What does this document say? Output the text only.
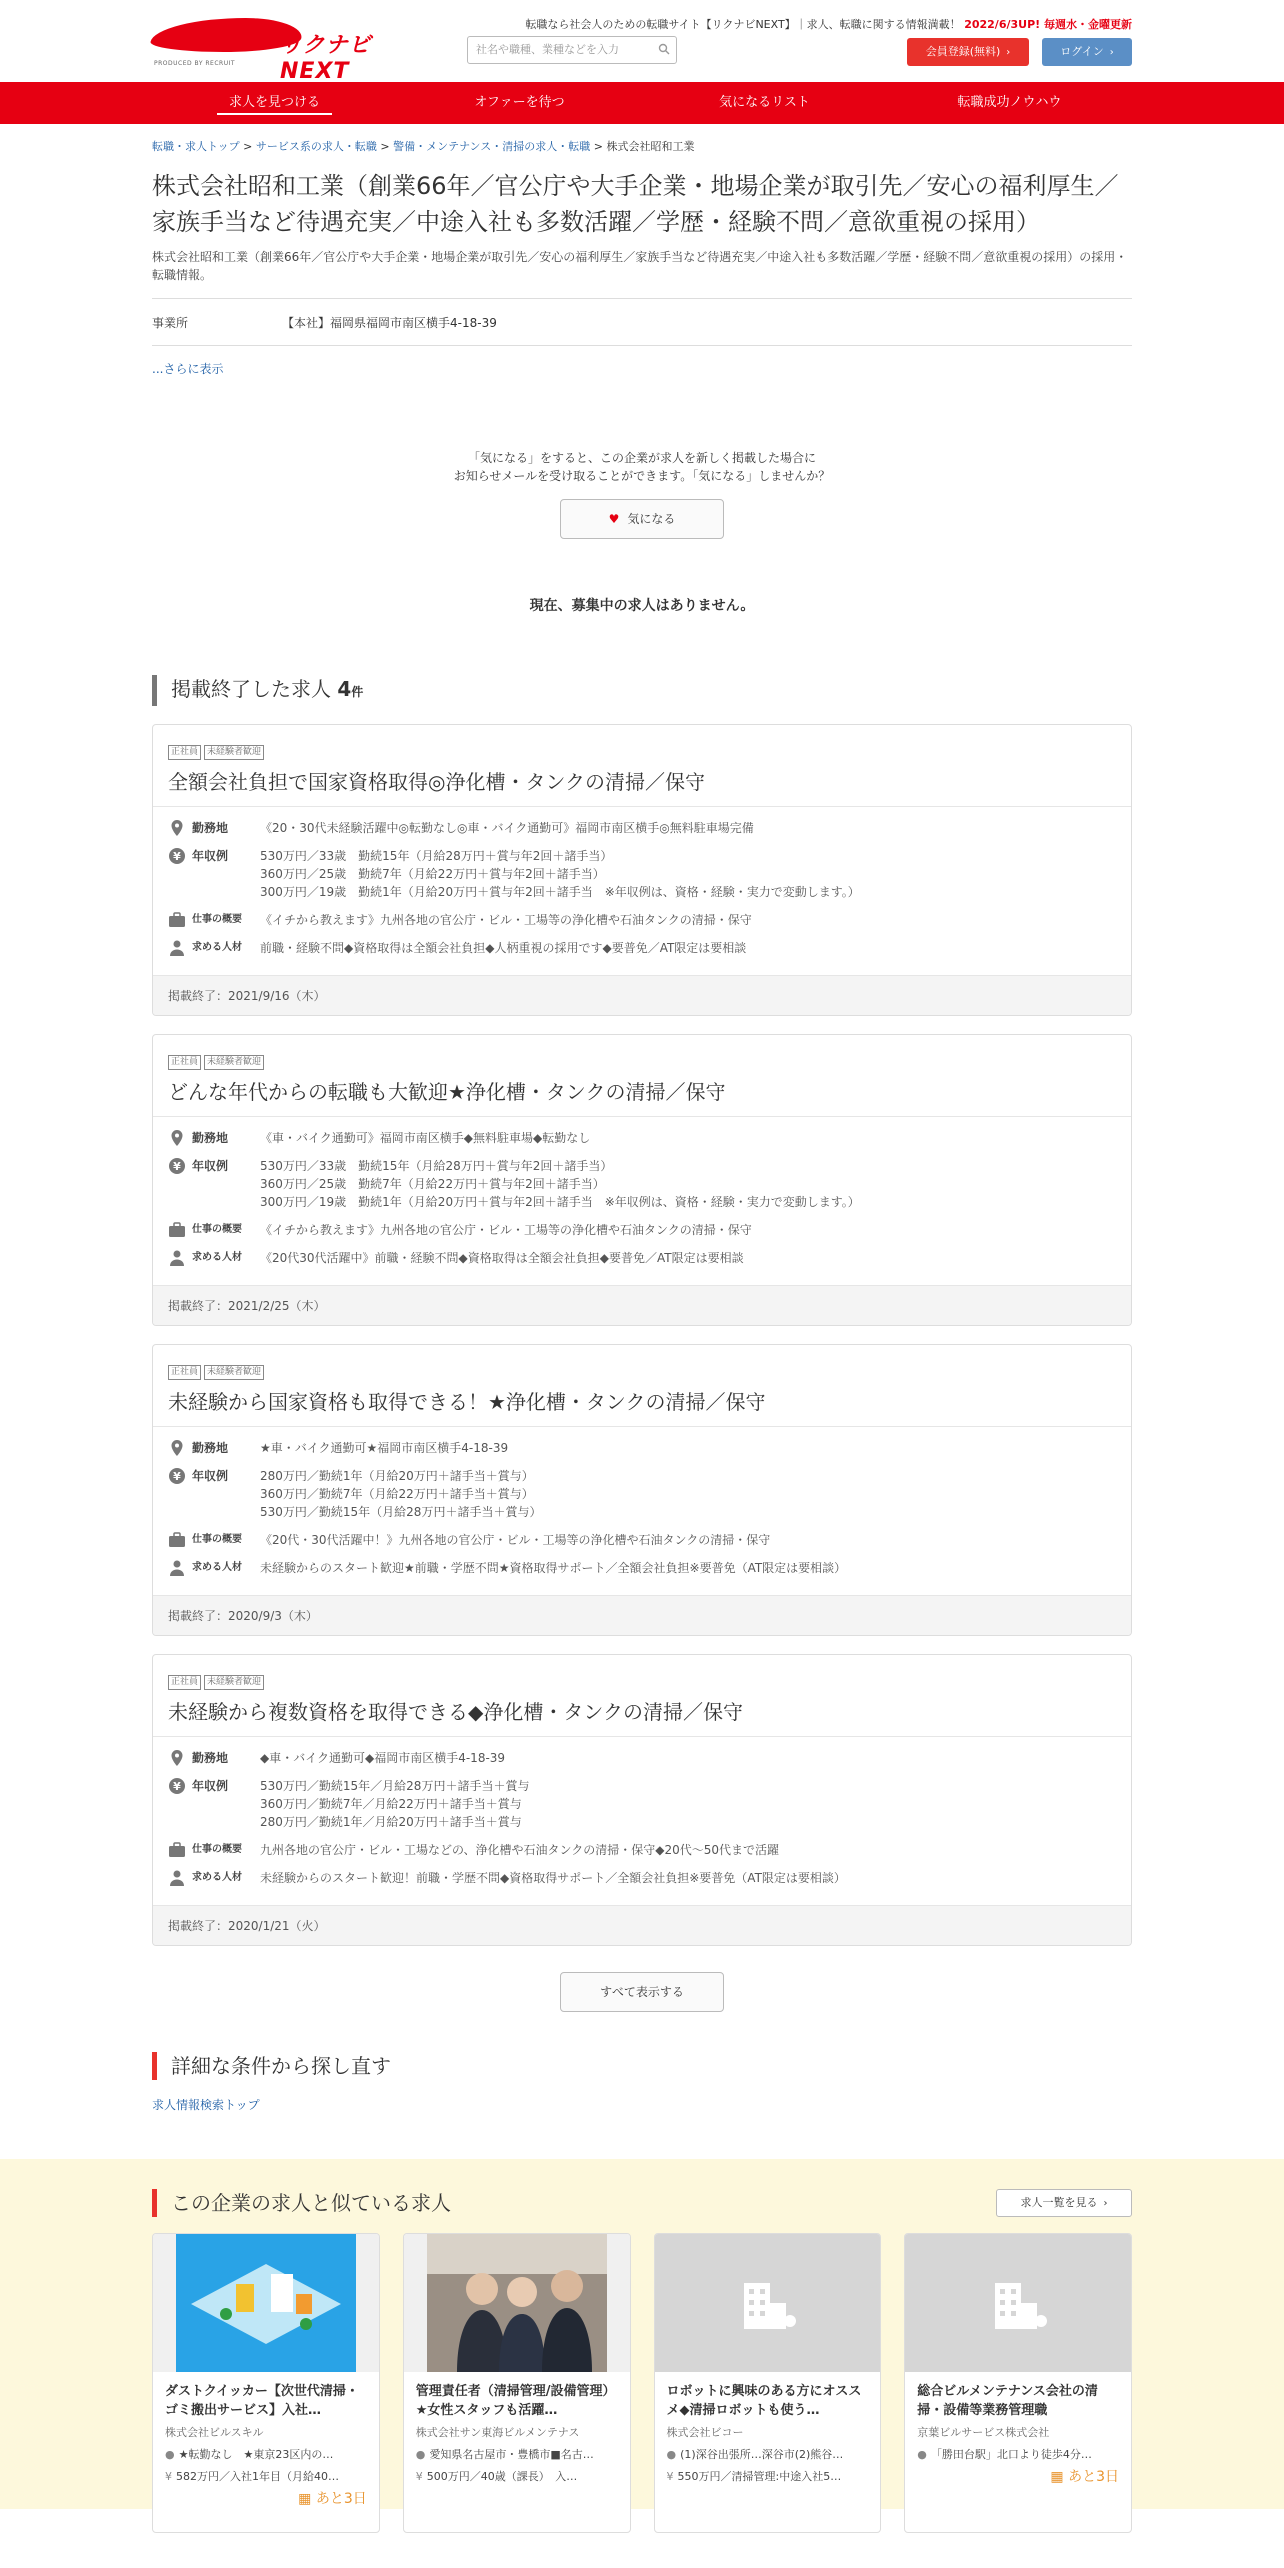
リクナビNEXT
PRODUCED BY RECRUIT
転職なら社会人のための転職サイト【リクナビNEXT】｜求人、転職に関する情報満載！ 2022/6/3UP! 毎週水・金曜更新
社名や職種、業種などを入力	会員登録(無料) ›	ログイン ›
求人を見つける	オファーを待つ	気になるリスト	転職成功ノウハウ
転職・求人トップ > サービス系の求人・転職 > 警備・メンテナンス・清掃の求人・転職 > 株式会社昭和工業
株式会社昭和工業（創業66年／官公庁や大手企業・地場企業が取引先／安心の福利厚生／家族手当など待遇充実／中途入社も多数活躍／学歴・経験不問／意欲重視の採用）

株式会社昭和工業（創業66年／官公庁や大手企業・地場企業が取引先／安心の福利厚生／家族手当など待遇充実／中途入社も多数活躍／学歴・経験不問／意欲重視の採用）の採用・転職情報。

事業所	【本社】福岡県福岡市南区横手4-18-39
...さらに表示
「気になる」をすると、この企業が求人を新しく掲載した場合に
お知らせメールを受け取ることができます。「気になる」しませんか？
♥ 気になる
現在、募集中の求人はありません。
掲載終了した求人 4件
正社員 未経験者歓迎
全額会社負担で国家資格取得◎浄化槽・タンクの清掃／保守
勤務地	《20・30代未経験活躍中◎転勤なし◎車・バイク通勤可》福岡市南区横手◎無料駐車場完備
¥ 年収例	530万円／33歳　勤続15年（月給28万円＋賞与年2回＋諸手当）
360万円／25歳　勤続7年（月給22万円＋賞与年2回＋諸手当）
300万円／19歳　勤続1年（月給20万円＋賞与年2回＋諸手当　※年収例は、資格・経験・実力で変動します。）
仕事の概要 《イチから教えます》九州各地の官公庁・ビル・工場等の浄化槽や石油タンクの清掃・保守
求める人材 前職・経験不問◆資格取得は全額会社負担◆人柄重視の採用です◆要普免／AT限定は要相談
掲載終了：2021/9/16（木）
正社員 未経験者歓迎
どんな年代からの転職も大歓迎★浄化槽・タンクの清掃／保守
勤務地	《車・バイク通勤可》福岡市南区横手◆無料駐車場◆転勤なし
¥ 年収例	530万円／33歳　勤続15年（月給28万円＋賞与年2回＋諸手当）
360万円／25歳　勤続7年（月給22万円＋賞与年2回＋諸手当）
300万円／19歳　勤続1年（月給20万円＋賞与年2回＋諸手当　※年収例は、資格・経験・実力で変動します。）
仕事の概要 《イチから教えます》九州各地の官公庁・ビル・工場等の浄化槽や石油タンクの清掃・保守
求める人材 《20代30代活躍中》前職・経験不問◆資格取得は全額会社負担◆要普免／AT限定は要相談
掲載終了：2021/2/25（木）
正社員 未経験者歓迎
未経験から国家資格も取得できる！★浄化槽・タンクの清掃／保守
勤務地	★車・バイク通勤可★福岡市南区横手4-18-39
¥ 年収例	280万円／勤続1年（月給20万円＋諸手当＋賞与）
360万円／勤続7年（月給22万円＋諸手当＋賞与）
530万円／勤続15年（月給28万円＋諸手当＋賞与）
仕事の概要 《20代・30代活躍中！》九州各地の官公庁・ビル・工場等の浄化槽や石油タンクの清掃・保守
求める人材 未経験からのスタート歓迎★前職・学歴不問★資格取得サポート／全額会社負担※要普免（AT限定は要相談）
掲載終了：2020/9/3（木）
正社員 未経験者歓迎
未経験から複数資格を取得できる◆浄化槽・タンクの清掃／保守
勤務地	◆車・バイク通勤可◆福岡市南区横手4-18-39
¥ 年収例	530万円／勤続15年／月給28万円＋諸手当＋賞与
360万円／勤続7年／月給22万円＋諸手当＋賞与
280万円／勤続1年／月給20万円＋諸手当＋賞与
仕事の概要 九州各地の官公庁・ビル・工場などの、浄化槽や石油タンクの清掃・保守◆20代～50代まで活躍
求める人材 未経験からのスタート歓迎！前職・学歴不問◆資格取得サポート／全額会社負担※要普免（AT限定は要相談）
掲載終了：2020/1/21（火）
すべて表示する
詳細な条件から探し直す
求人情報検索トップ
この企業の求人と似ている求人	求人一覧を見る ›
ダストクイッカー【次世代清掃・ゴミ搬出サービス】入社…
株式会社ビルスキル
● ★転勤なし　★東京23区内の…
¥ 582万円／入社1年目（月給40…
▦ あと3日
管理責任者（清掃管理/設備管理）★女性スタッフも活躍…
株式会社サン東海ビルメンテナス
● 愛知県名古屋市・豊橋市■名古…
¥ 500万円／40歳（課長）　入…
ロボットに興味のある方にオススメ◆清掃ロボットも使う…
株式会社ビコー
● (1)深谷出張所…深谷市(2)熊谷…
¥ 550万円／清掃管理:中途入社5…
総合ビルメンテナンス会社の清掃・設備等業務管理職
京葉ビルサービス株式会社
● 「勝田台駅」北口より徒歩4分…
▦ あと3日
